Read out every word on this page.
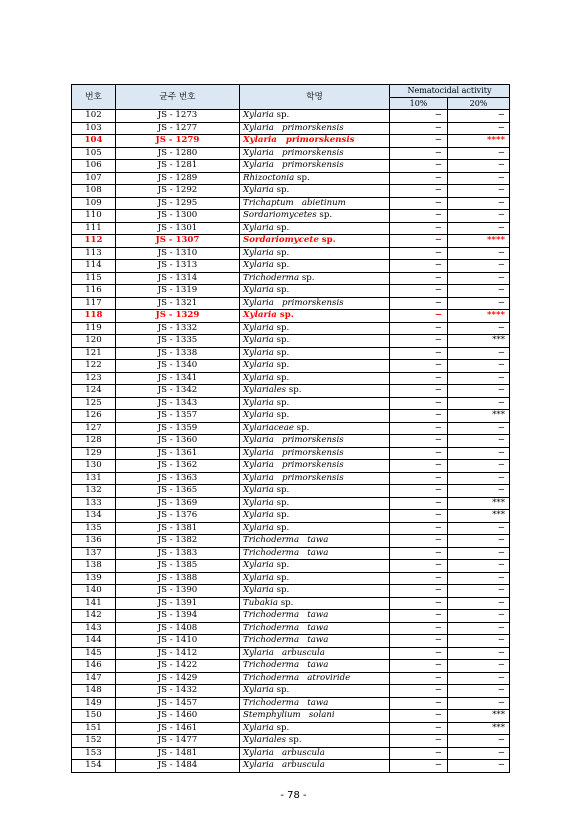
번호	균주 번호	학명	Nematocidal activity	
			10%	20%
102	JS - 1273	Xylaria sp.	−	−
103	JS - 1277	Xylaria primorskensis	−	−
104	JS - 1279	Xylaria primorskensis	−	****
105	JS - 1280	Xylaria primorskensis	−	−
106	JS - 1281	Xylaria primorskensis	−	−
107	JS - 1289	Rhizoctonia sp.	−	−
108	JS - 1292	Xylaria sp.	−	−
109	JS - 1295	Trichaptum abietinum	−	−
110	JS - 1300	Sordariomycetes sp.	−	−
111	JS - 1301	Xylaria sp.	−	−
112	JS - 1307	Sordariomycete sp.	−	****
113	JS - 1310	Xylaria sp.	−	−
114	JS - 1313	Xylaria sp.	−	−
115	JS - 1314	Trichoderma sp.	−	−
116	JS - 1319	Xylaria sp.	−	−
117	JS - 1321	Xylaria primorskensis	−	−
118	JS - 1329	Xylaria sp.	−	****
119	JS - 1332	Xylaria sp.	−	−
120	JS - 1335	Xylaria sp.	−	***
121	JS - 1338	Xylaria sp.	−	−
122	JS - 1340	Xylaria sp.	−	−
123	JS - 1341	Xylaria sp.	−	−
124	JS - 1342	Xylariales sp.	−	−
125	JS - 1343	Xylaria sp.	−	−
126	JS - 1357	Xylaria sp.	−	***
127	JS - 1359	Xylariaceae sp.	−	−
128	JS - 1360	Xylaria primorskensis	−	−
129	JS - 1361	Xylaria primorskensis	−	−
130	JS - 1362	Xylaria primorskensis	−	−
131	JS - 1363	Xylaria primorskensis	−	−
132	JS - 1365	Xylaria sp.	−	−
133	JS - 1369	Xylaria sp.	−	***
134	JS - 1376	Xylaria sp.	−	***
135	JS - 1381	Xylaria sp.	−	−
136	JS - 1382	Trichoderma tawa	−	−
137	JS - 1383	Trichoderma tawa	−	−
138	JS - 1385	Xylaria sp.	−	−
139	JS - 1388	Xylaria sp.	−	−
140	JS - 1390	Xylaria sp.	−	−
141	JS - 1391	Tubakia sp.	−	−
142	JS - 1394	Trichoderma tawa	−	−
143	JS - 1408	Trichoderma tawa	−	−
144	JS - 1410	Trichoderma tawa	−	−
145	JS - 1412	Xylaria arbuscula	−	−
146	JS - 1422	Trichoderma tawa	−	−
147	JS - 1429	Trichoderma atroviride	−	−
148	JS - 1432	Xylaria sp.	−	−
149	JS - 1457	Trichoderma tawa	−	−
150	JS - 1460	Stemphylium solani	−	***
151	JS - 1461	Xylaria sp.	−	***
152	JS - 1477	Xylariales sp.	−	−
153	JS - 1481	Xylaria arbuscula	−	−
154	JS - 1484	Xylaria arbuscula	−	−
- 78 -
